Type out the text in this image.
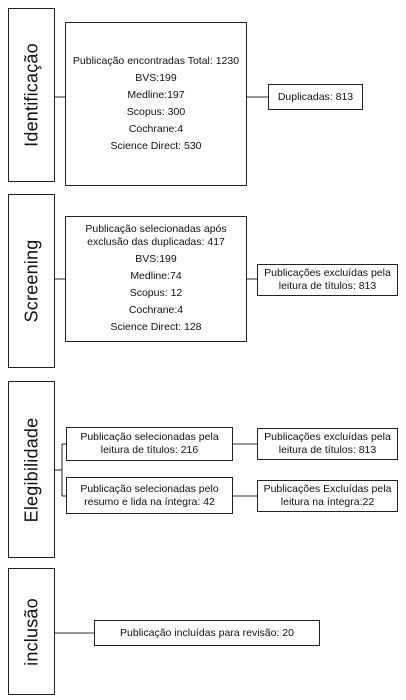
Identificação
Screening
Elegibilidade
inclusão
Publicação encontradas Total: 1230
BVS:199
Medline:197
Scopus: 300
Cochrane:4
Science Direct: 530
Duplicadas: 813
Publicação selecionadas após
exclusão das duplicadas: 417
BVS:199
Medline:74
Scopus: 12
Cochrane:4
Science Direct: 128
Publicações excluídas pela
leitura de títulos: 813
Publicação selecionadas pela
leitura de títulos: 216
Publicações excluídas pela
leitura de títulos: 813
Publicação selecionadas pelo
resumo e lida na íntegra: 42
Publicações Excluídas pela
leitura na íntegra:22
Publicação incluídas para revisão: 20
